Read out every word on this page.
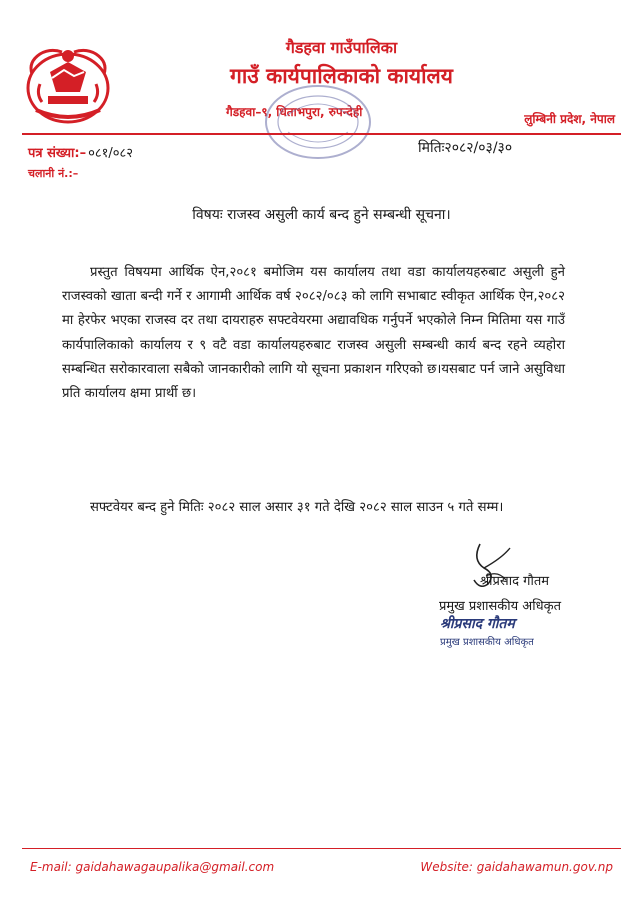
गैडहवा गाउँपालिका
गाउँ कार्यपालिकाको कार्यालय
गैडहवा–९, धिताभपुरा, रुपन्देही	लुम्बिनी प्रदेश, नेपाल
पत्र संख्या:– ०८१/०८२
चलानी नं.:–
मितिः२०८२/०३/३०
विषयः राजस्व असुली कार्य बन्द हुने सम्बन्धी सूचना।

प्रस्तुत विषयमा आर्थिक ऐन,२०८१ बमोजिम यस कार्यालय तथा वडा कार्यालयहरुबाट असुली हुने राजस्वको खाता बन्दी गर्ने र आगामी आर्थिक वर्ष २०८२/०८३ को लागि सभाबाट स्वीकृत आर्थिक ऐन,२०८२ मा हेरफेर भएका राजस्व दर तथा दायराहरु सफ्टवेयरमा अद्यावधिक गर्नुपर्ने भएकोले निम्न मितिमा यस गाउँ कार्यपालिकाको कार्यालय र ९ वटै वडा कार्यालयहरुबाट राजस्व असुली सम्बन्धी कार्य बन्द रहने व्यहोरा सम्बन्धित सरोकारवाला सबैको जानकारीको लागि यो सूचना प्रकाशन गरिएको छ।यसबाट पर्न जाने असुविधा प्रति कार्यालय क्षमा प्रार्थी छ।

सफ्टवेयर बन्द हुने मितिः २०८२ साल असार ३१ गते देखि २०८२ साल साउन ५ गते सम्म।

श्रीप्रसाद गौतम
प्रमुख प्रशासकीय अधिकृत
श्रीप्रसाद गौतम
प्रमुख प्रशासकीय अधिकृत
E-mail: gaidahawagaupalika@gmail.com	Website: gaidahawamun.gov.np
